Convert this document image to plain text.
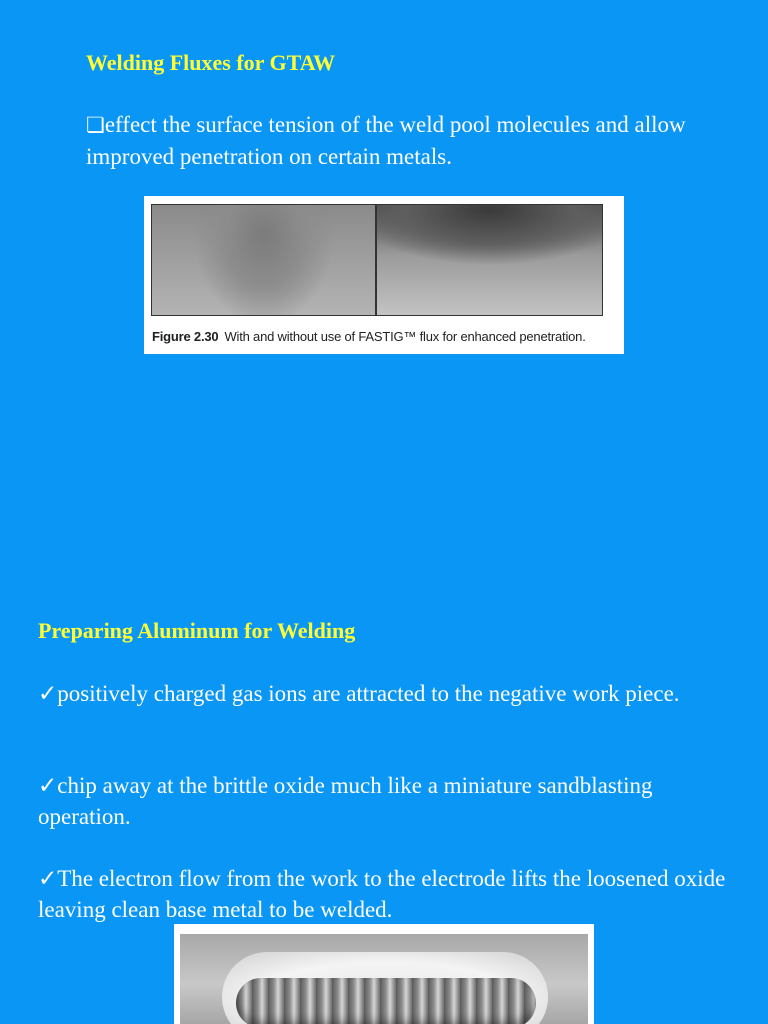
Welding Fluxes for GTAW

❏effect the surface tension of the weld pool molecules and allow improved penetration on certain metals.

Figure 2.30 With and without use of FASTIG™ flux for enhanced penetration.
Preparing Aluminum for Welding

✓positively charged gas ions are attracted to the negative work piece.

✓chip away at the brittle oxide much like a miniature sandblasting operation.

✓The electron flow from the work to the electrode lifts the loosened oxide leaving clean base metal to be welded.
